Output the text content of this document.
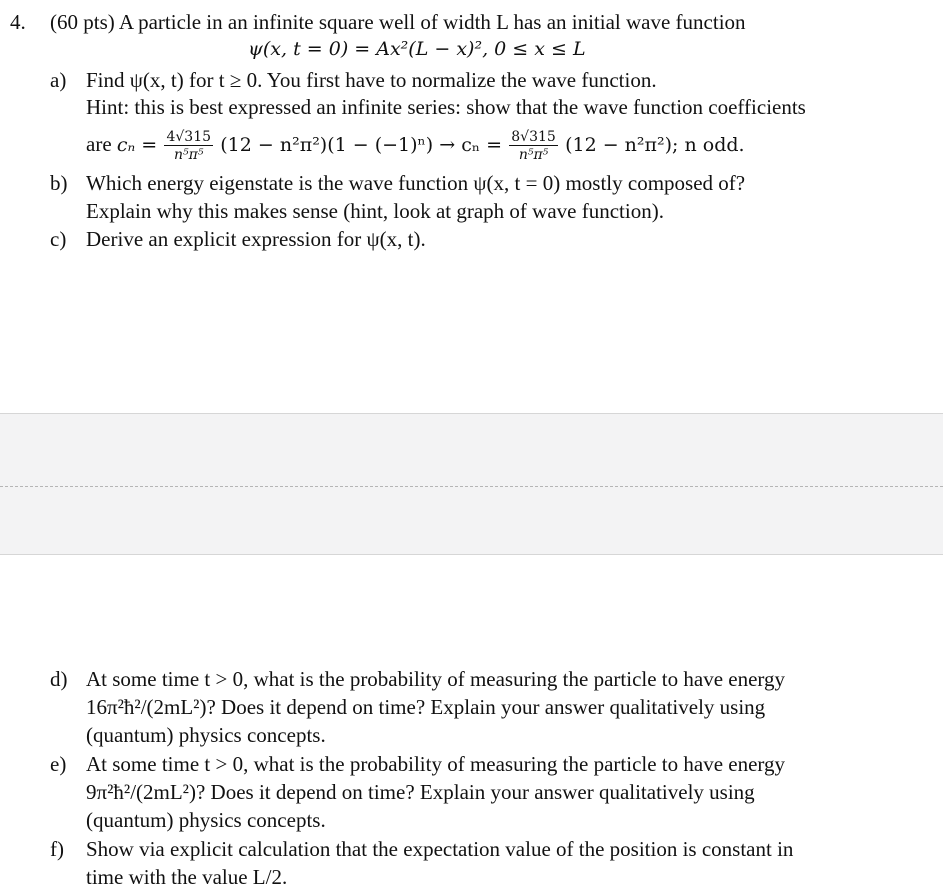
4. (60 pts) A particle in an infinite square well of width L has an initial wave function
ψ(x, t = 0) = Ax²(L − x)², 0 ≤ x ≤ L
a) Find ψ(x, t) for t ≥ 0. You first have to normalize the wave function.
Hint: this is best expressed an infinite series: show that the wave function coefficients
are $c_n = \frac{4√315}{\text{n⁵π⁵}} (12 - n^2\pi^2)(1 - (-1)^n) \to c_n = \frac{8√315}{\text{n⁵π⁵}} (12 - n^2\pi^2)$; n odd.
b) Which energy eigenstate is the wave function ψ(x, t = 0) mostly composed of?
Explain why this makes sense (hint, look at graph of wave function).
c) Derive an explicit expression for ψ(x, t).
d) At some time t > 0, what is the probability of measuring the particle to have energy
16π²ħ²/(2mL²)? Does it depend on time? Explain your answer qualitatively using
(quantum) physics concepts.
e) At some time t > 0, what is the probability of measuring the particle to have energy
9π²ħ²/(2mL²)? Does it depend on time? Explain your answer qualitatively using
(quantum) physics concepts.
f) Show via explicit calculation that the expectation value of the position is constant in
time with the value L/2.
